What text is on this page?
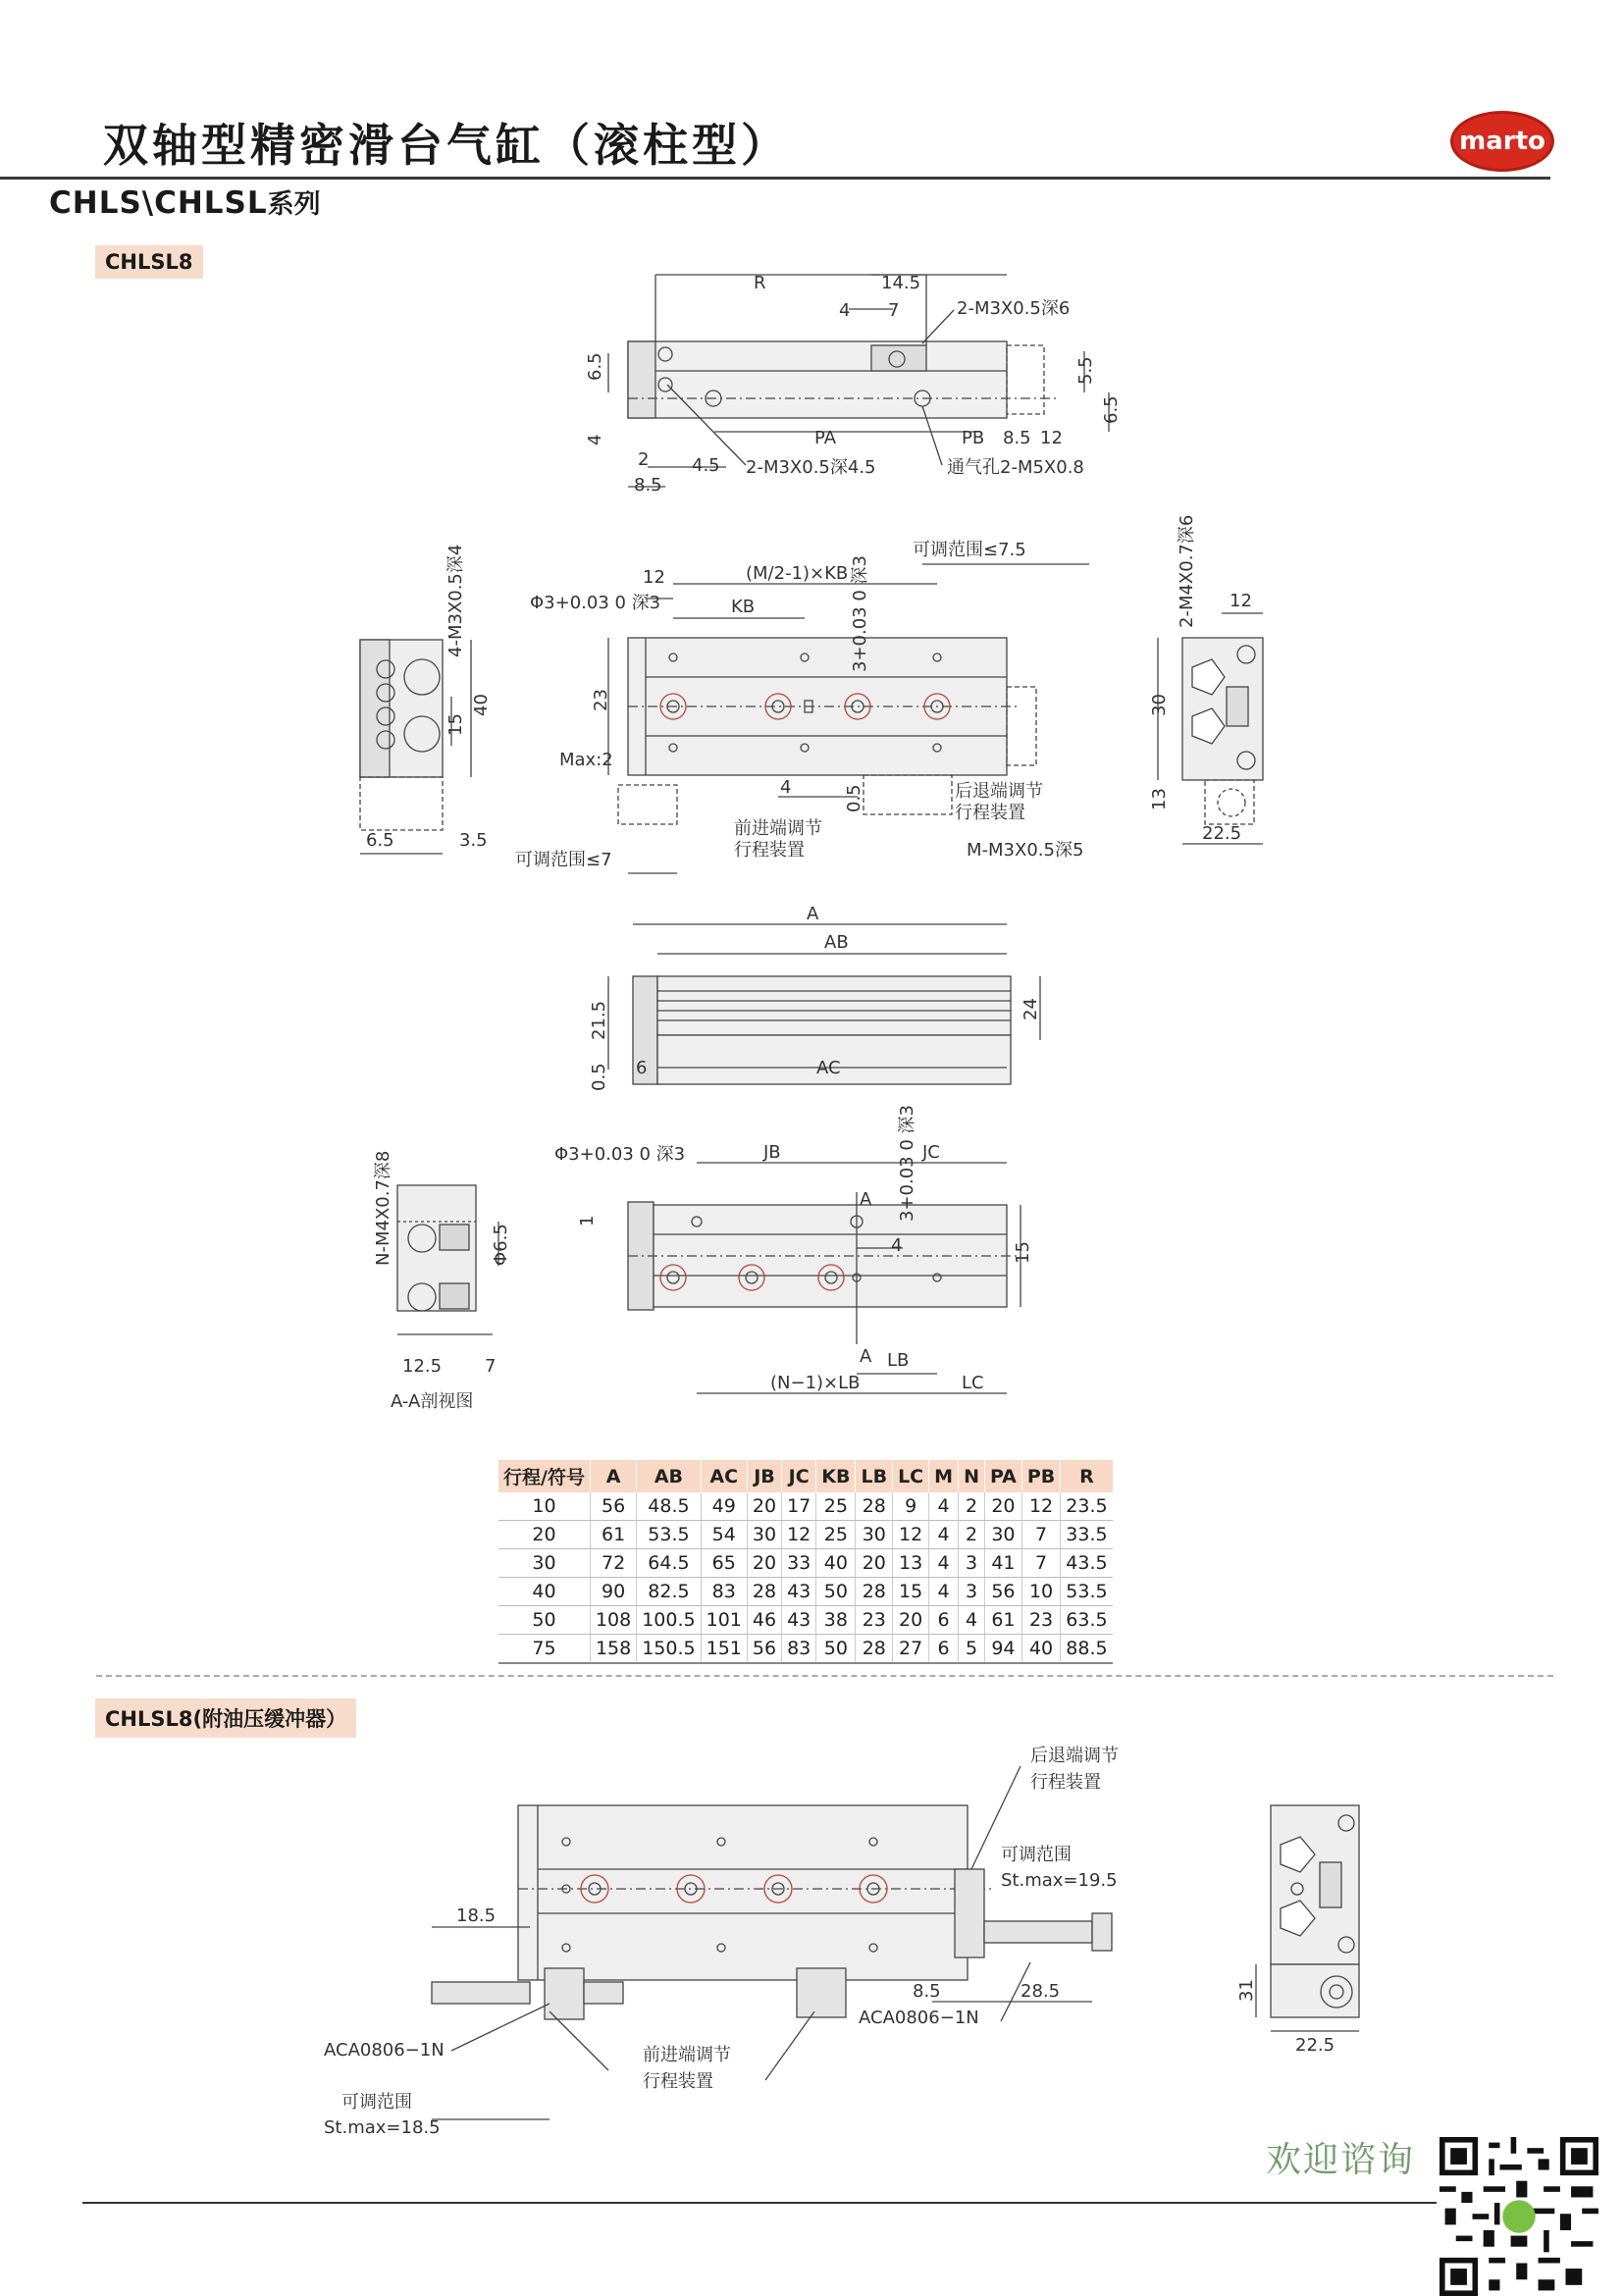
双轴型精密滑台气缸（滚柱型）	marto
CHLS\CHLSL系列
CHLSL8
R	14.5
4 7	2-M3X0.5深6
6.5	5.5
6.5
4	PA	PB 8.5 12
2 4.5 2-M3X0.5深4.5
8.5
通气孔2-M5X0.8
4-M3X0.5深4
40
15
6.5	3.5
Φ3+0.03 0 深3
12	(M/2-1)×KB
可调范围≤7.5
KB	3+0.03 0 深3
23
Max:2
4	0.5	后退端调节
行程装置
前进端调节
行程装置	M-M3X0.5深5
可调范围≤7
2-M4X0.7深6 12
30
13
22.5
A
AB
21.5	24
6	AC
0.5
N-M4X0.7深8	Φ6.5
12.5 7
A-A剖视图
Φ3+0.03 0 深3	JB	JC
3+0.03 0 深3
1
15
A
4
A LB
(N−1)×LB	LC
后退端调节
行程装置
可调范围
St.max=19.5
18.5
8.5	28.5
ACA0806−1N
ACA0806−1N
前进端调节
行程装置
可调范围
St.max=18.5
31
22.5
行程/符号	A	AB	AC	JB	JC	KB	LB	LC	M	N	PA	PB	R
10	56	48.5	49	20	17	25	28	9	4	2	20	12	23.5
20	61	53.5	54	30	12	25	30	12	4	2	30	7	33.5
30	72	64.5	65	20	33	40	20	13	4	3	41	7	43.5
40	90	82.5	83	28	43	50	28	15	4	3	56	10	53.5
50	108	100.5	101	46	43	38	23	20	6	4	61	23	63.5
75	158	150.5	151	56	83	50	28	27	6	5	94	40	88.5
CHLSL8(附油压缓冲器）
欢迎谘询
